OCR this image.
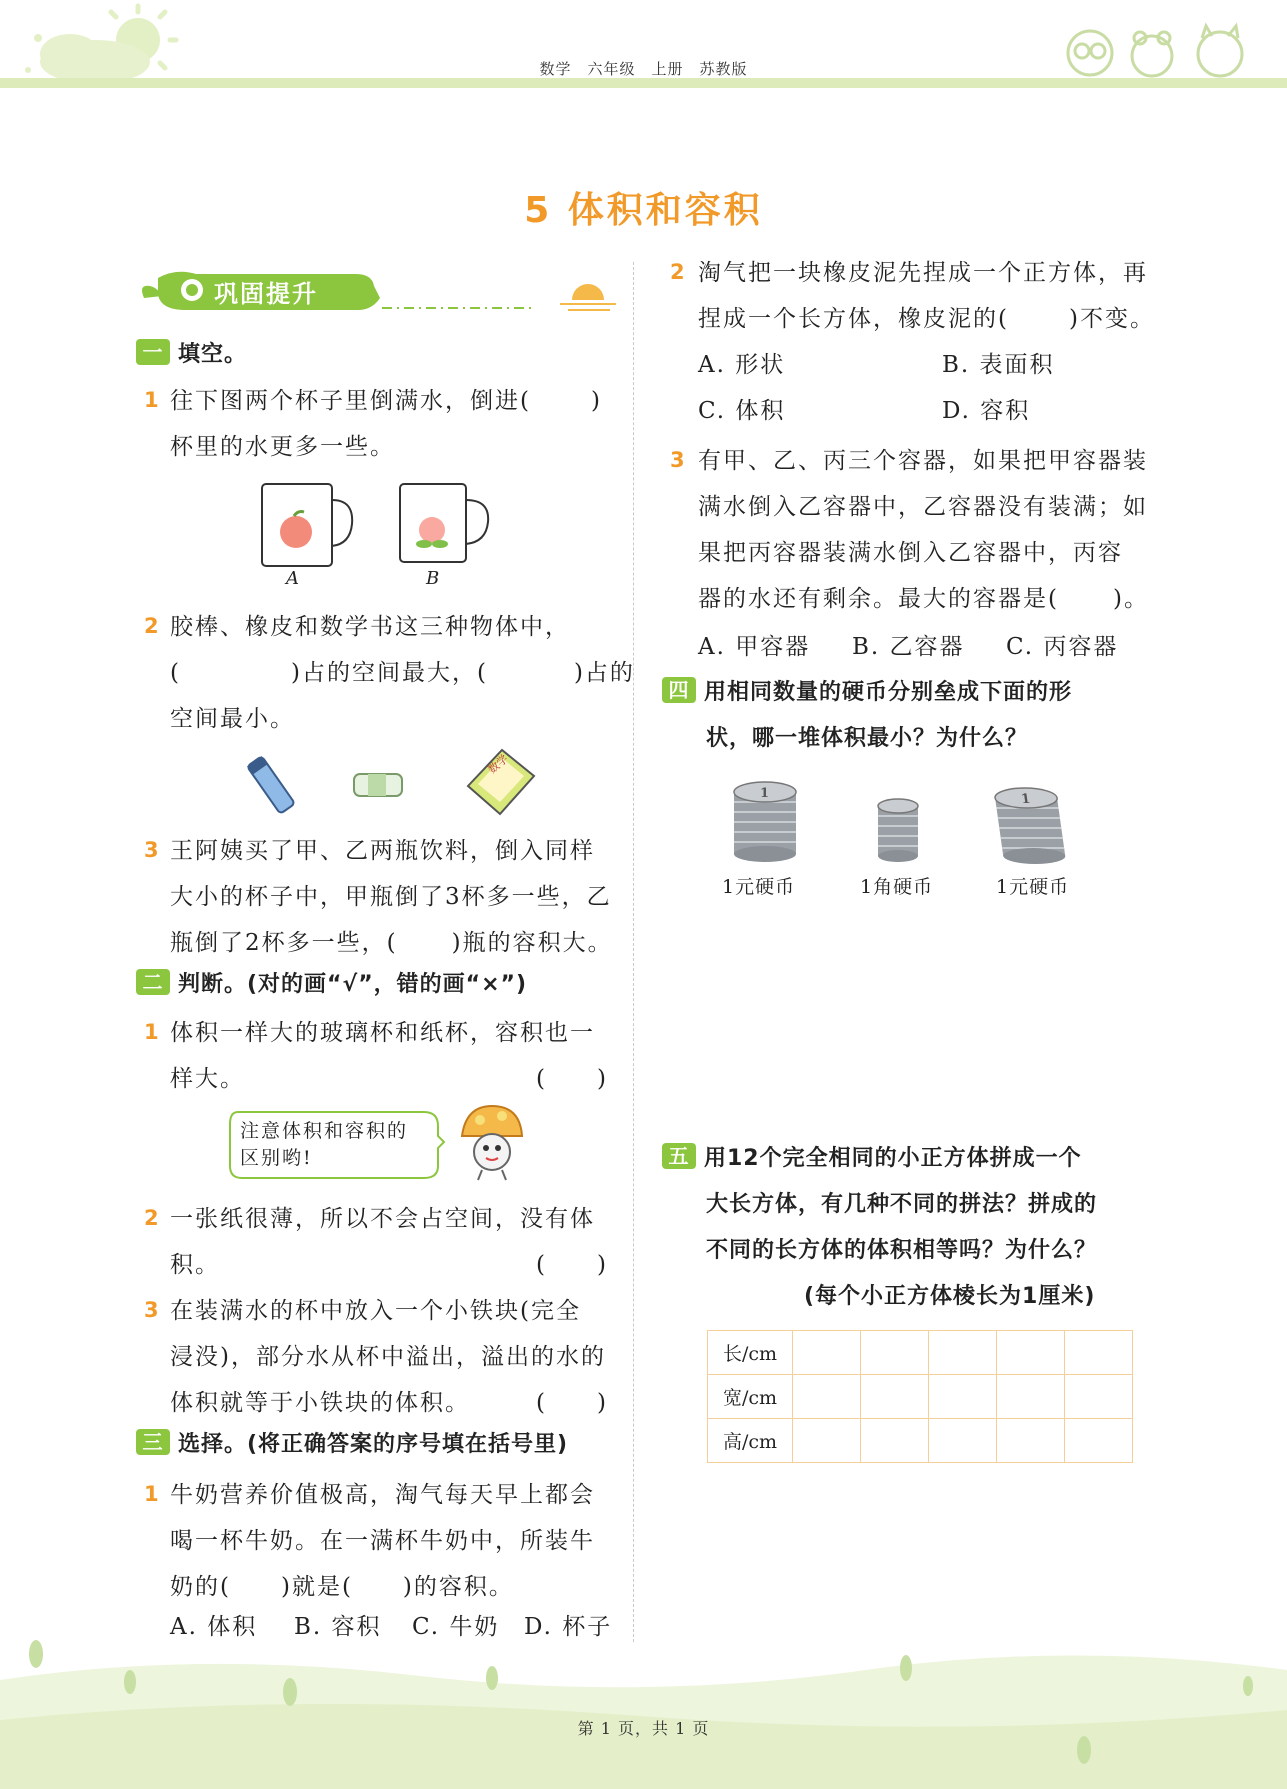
数学　六年级　上册　苏教版
5 体积和容积
巩固提升
一 填空。
1 往下图两个杯子里倒满水，倒进(	)
杯里的水更多一些。
A	B
2 胶棒、橡皮和数学书这三种物体中，
(	)占的空间最大，(	)占的
空间最小。
数学
3 王阿姨买了甲、乙两瓶饮料，倒入同样
大小的杯子中，甲瓶倒了3杯多一些，乙
瓶倒了2杯多一些，( )瓶的容积大。
二 判断。(对的画“√”，错的画“×”)
1 体积一样大的玻璃杯和纸杯，容积也一
样大。	(　　)
注意体积和容积的
区别哟!
2 一张纸很薄，所以不会占空间，没有体
积。	(　　)
3 在装满水的杯中放入一个小铁块(完全
浸没)，部分水从杯中溢出，溢出的水的
体积就等于小铁块的体积。	(　　)
三 选择。(将正确答案的序号填在括号里)
1 牛奶营养价值极高，淘气每天早上都会
喝一杯牛奶。在一满杯牛奶中，所装牛
奶的(　　)就是(　　)的容积。
A. 体积 B. 容积 C. 牛奶 D. 杯子
2 淘气把一块橡皮泥先捏成一个正方体，再
捏成一个长方体，橡皮泥的(	)不变。
A. 形状	B. 表面积
C. 体积	D. 容积
3 有甲、乙、丙三个容器，如果把甲容器装
满水倒入乙容器中，乙容器没有装满；如
果把丙容器装满水倒入乙容器中，丙容
器的水还有剩余。最大的容器是( )。
A. 甲容器 B. 乙容器 C. 丙容器
四 用相同数量的硬币分别垒成下面的形
状，哪一堆体积最小？为什么？
1	1
1元硬币	1角硬币	1元硬币
五 用12个完全相同的小正方体拼成一个
大长方体，有几种不同的拼法？拼成的
不同的长方体的体积相等吗？为什么？
(每个小正方体棱长为1厘米)
长/cm					
宽/cm					
高/cm					
第 1 页，共 1 页
